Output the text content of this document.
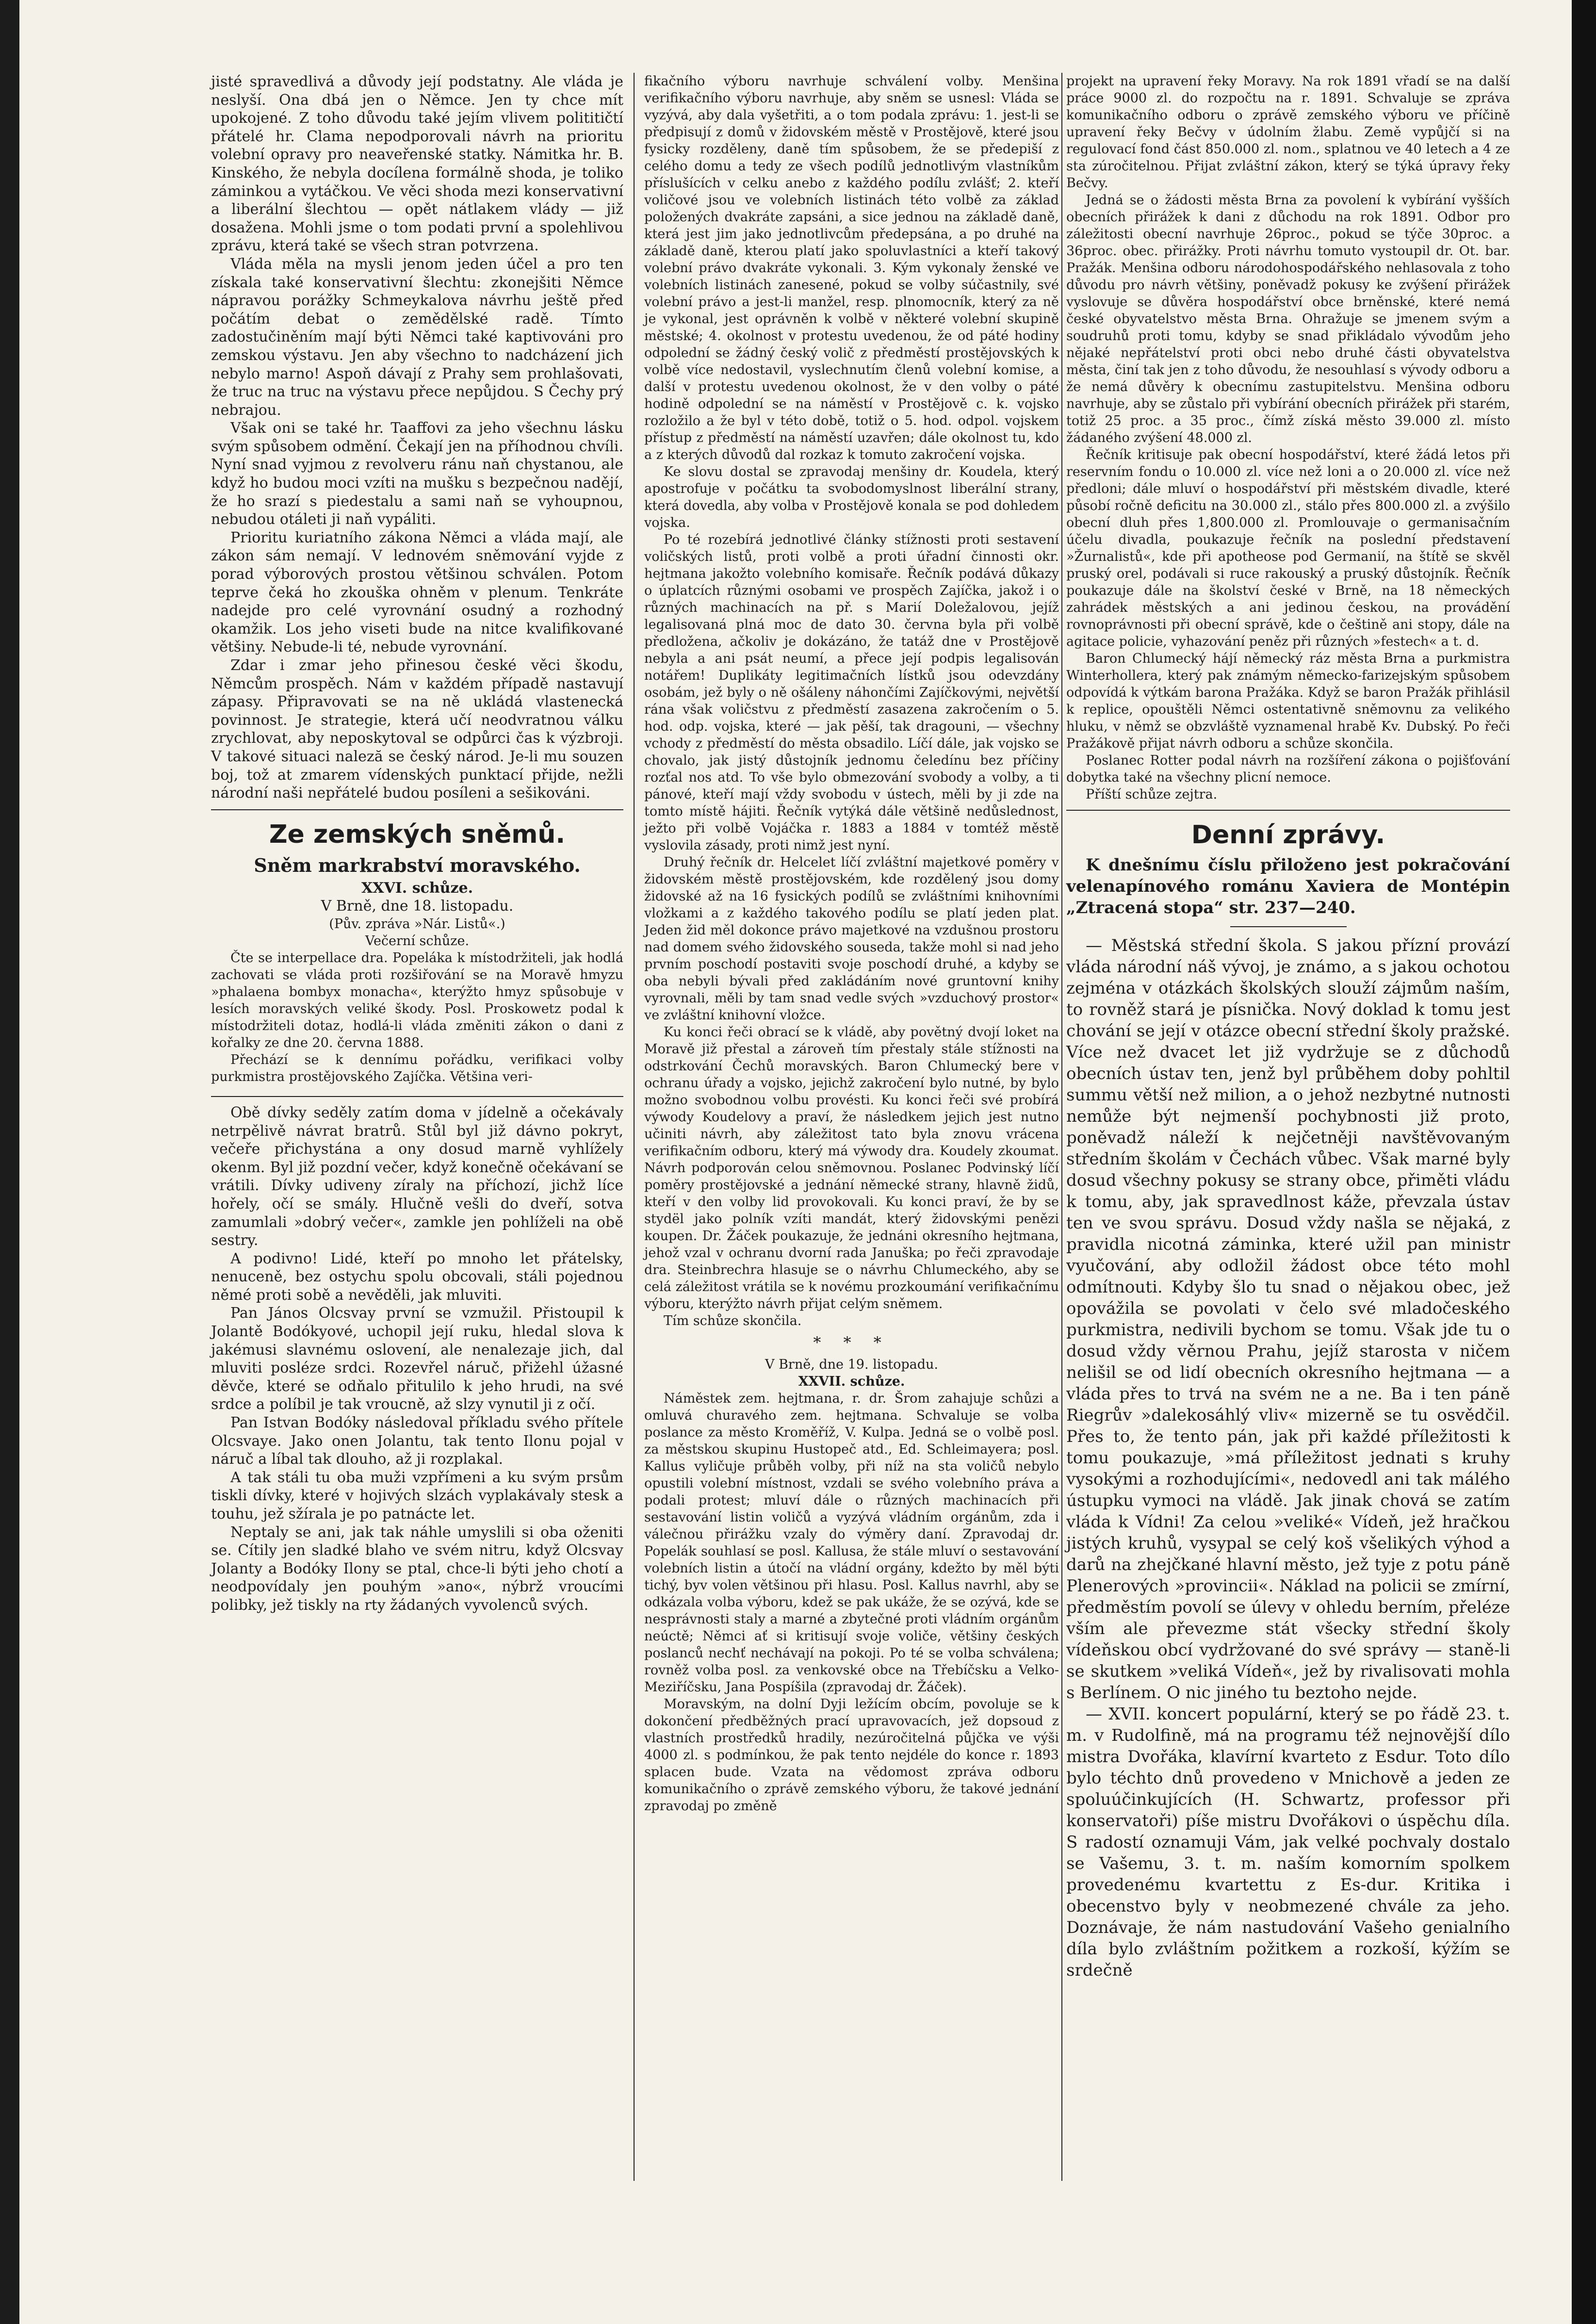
jisté spravedlivá a důvody její podstatny. Ale vláda je neslyší. Ona dbá jen o Němce. Jen ty chce mít upokojené. Z toho důvodu také jejím vlivem polititičtí přátelé hr. Clama nepodporovali návrh na prioritu volební opravy pro neaveřenské statky. Námitka hr. B. Kinského, že nebyla docílena formálně shoda, je toliko záminkou a vytáčkou. Ve věci shoda mezi konservativní a liberální šlechtou — opět nátlakem vlády — již dosažena. Mohli jsme o tom podati první a spolehlivou zprávu, která také se všech stran potvrzena.

Vláda měla na mysli jenom jeden účel a pro ten získala také konservativní šlechtu: zkonejšiti Němce nápravou porážky Schmeykalova návrhu ještě před počátím debat o zemědělské radě. Tímto zadostučiněním mají býti Němci také kaptivováni pro zemskou výstavu. Jen aby všechno to nadcházení jich nebylo marno! Aspoň dávají z Prahy sem prohlašovati, že truc na truc na výstavu přece nepůjdou. S Čechy prý nebrajou.

Však oni se také hr. Taaffovi za jeho všechnu lásku svým spůsobem odmění. Čekají jen na příhodnou chvíli. Nyní snad vyjmou z revolveru ránu naň chystanou, ale když ho budou moci vzíti na mušku s bezpečnou nadějí, že ho srazí s piedestalu a sami naň se vyhoupnou, nebudou otáleti ji naň vypáliti.

Prioritu kuriatního zákona Němci a vláda mají, ale zákon sám nemají. V lednovém sněmování vyjde z porad výborových prostou většinou schválen. Potom teprve čeká ho zkouška ohněm v plenum. Tenkráte nadejde pro celé vyrovnání osudný a rozhodný okamžik. Los jeho viseti bude na nitce kvalifikované většiny. Nebude-li té, nebude vyrovnání.

Zdar i zmar jeho přinesou české věci škodu, Němcům prospěch. Nám v každém případě nastavují zápasy. Připravovati se na ně ukládá vlastenecká povinnost. Je strategie, která učí neodvratnou válku zrychlovat, aby neposkytoval se odpůrci čas k výzbroji. V takové situaci naleză se český národ. Je-li mu souzen boj, tož at zmarem vídenských punktací přijde, nežli národní naši nepřátelé budou posíleni a sešikováni.

Ze zemských sněmů.
Sněm markrabství moravského.

XXVI. schůze.

V Brně, dne 18. listopadu.

(Pův. zpráva »Nár. Listů«.)

Večerní schůze.

Čte se interpellace dra. Popeláka k místodržiteli, jak hodlá zachovati se vláda proti rozšiřování se na Moravě hmyzu »phalaena bombyx monacha«, kterýžto hmyz spůsobuje v lesích moravských veliké škody. Posl. Proskowetz podal k místodržiteli dotaz, hodlá-li vláda změniti zákon o dani z kořalky ze dne 20. června 1888.

Přechází se k dennímu pořádku, verifikaci volby purkmistra prostějovského Zajíčka. Většina veri-

Obě dívky seděly zatím doma v jídelně a očekávaly netrpělivě návrat bratrů. Stůl byl již dávno pokryt, večeře přichystána a ony dosud marně vyhlížely okenm. Byl již pozdní večer, když konečně očekávaní se vrátili. Dívky udiveny zíraly na příchozí, jichž líce hořely, očí se smály. Hlučně vešli do dveří, sotva zamumlali »dobrý večer«, zamkle jen pohlíželi na obě sestry.

A podivno! Lidé, kteří po mnoho let přátelsky, nenuceně, bez ostychu spolu obcovali, stáli pojednou němé proti sobě a nevěděli, jak mluviti.

Pan János Olcsvay první se vzmužil. Přistoupil k Jolantě Bodókyové, uchopil její ruku, hledal slova k jakémusi slavnému oslovení, ale nenalezaje jich, dal mluviti posléze srdci. Rozevřel náruč, přižehl úžasné děvče, které se odňalo přitulilo k jeho hrudi, na své srdce a políbil je tak vroucně, až slzy vynutil ji z očí.

Pan Istvan Bodóky následoval příkladu svého přítele Olcsvaye. Jako onen Jolantu, tak tento Ilonu pojal v náruč a líbal tak dlouho, až ji rozplakal.

A tak stáli tu oba muži vzpřímeni a ku svým prsům tiskli dívky, které v hojivých slzách vyplakávaly stesk a touhu, jež sžírala je po patnácte let.

Neptaly se ani, jak tak náhle umyslili si oba oženiti se. Cítily jen sladké blaho ve svém nitru, když Olcsvay Jolanty a Bodóky Ilony se ptal, chce-li býti jeho chotí a neodpovídaly jen pouhým »ano«, nýbrž vroucími polibky, jež tiskly na rty žádaných vyvolenců svých.

fikačního výboru navrhuje schválení volby. Menšina verifikačního výboru navrhuje, aby sněm se usnesl: Vláda se vyzývá, aby dala vyšetřiti, a o tom podala zprávu: 1. jest-li se předpisují z domů v židovském městě v Prostějově, které jsou fysicky rozděleny, daně tím spůsobem, že se předepiší z celého domu a tedy ze všech podílů jednotlivým vlastníkům příslušících v celku anebo z každého podílu zvlášť; 2. kteří voličové jsou ve volebních listinách této volbě za základ položených dvakráte zapsáni, a sice jednou na základě daně, která jest jim jako jednotlivcům předepsána, a po druhé na základě daně, kterou platí jako spoluvlastníci a kteří takový volební právo dvakráte vykonali. 3. Kým vykonaly ženské ve volebních listinách zanesené, pokud se volby súčastnily, své volební právo a jest-li manžel, resp. plnomocník, který za ně je vykonal, jest oprávněn k volbě v některé volební skupině městské; 4. okolnost v protestu uvedenou, že od páté hodiny odpolední se žádný český volič z předměstí prostějovských k volbě více nedostavil, vyslechnutím členů volební komise, a další v protestu uvedenou okolnost, že v den volby o páté hodině odpolední se na náměstí v Prostějově c. k. vojsko rozložilo a že byl v této době, totiž o 5. hod. odpol. vojskem přístup z předměstí na náměstí uzavřen; dále okolnost tu, kdo a z kterých důvodů dal rozkaz k tomuto zakročení vojska.

Ke slovu dostal se zpravodaj menšiny dr. Koudela, který apostrofuje v počátku ta svobodomyslnost liberální strany, která dovedla, aby volba v Prostějově konala se pod dohledem vojska.

Po té rozebírá jednotlivé články stížnosti proti sestavení voličských listů, proti volbě a proti úřadní činnosti okr. hejtmana jakožto volebního komisaře. Řečník podává důkazy o úplatcích různými osobami ve prospěch Zajíčka, jakož i o různých machinacích na př. s Marií Doležalovou, jejíž legalisovaná plná moc de dato 30. června byla při volbě předložena, ačkoliv je dokázáno, že tatáž dne v Prostějově nebyla a ani psát neumí, a přece její podpis legalisován notářem! Duplikáty legitimačních lístků jsou odevzdány osobám, jež byly o ně ošáleny náhončími Zajíčkovými, největší rána však voličstvu z předměstí zasazena zakročením o 5. hod. odp. vojska, které — jak pěší, tak dragouni, — všechny vchody z předměstí do města obsadilo. Líčí dále, jak vojsko se chovalo, jak jistý důstojník jednomu čeledínu bez příčiny rozťal nos atd. To vše bylo obmezování svobody a volby, a ti pánové, kteří mají vždy svobodu v ústech, měli by ji zde na tomto místě hájiti. Řečník vytýká dále většině nedůslednost, ježto při volbě Vojáčka r. 1883 a 1884 v tomtéž městě vyslovila zásady, proti nimž jest nyní.

Druhý řečník dr. Helcelet líčí zvláštní majetkové poměry v židovském městě prostějovském, kde rozdělený jsou domy židovské až na 16 fysických podílů se zvláštními knihovními vložkami a z každého takového podílu se platí jeden plat. Jeden žid měl dokonce právo majetkové na vzdušnou prostoru nad domem svého židovského souseda, takže mohl si nad jeho prvním poschodí postaviti svoje poschodí druhé, a kdyby se oba nebyli bývali před zakládáním nové gruntovní knihy vyrovnali, měli by tam snad vedle svých »vzduchový prostor« ve zvláštní knihovní vložce.

Ku konci řeči obrací se k vládě, aby povětný dvojí loket na Moravě již přestal a zároveň tím přestaly stále stížnosti na odstrkování Čechů moravských. Baron Chlumecký bere v ochranu úřady a vojsko, jejichž zakročení bylo nutné, by bylo možno svobodnou volbu provésti. Ku konci řeči své probírá výwody Koudelovy a praví, že následkem jejich jest nutno učiniti návrh, aby záležitost tato byla znovu vrácena verifikačním odboru, který má výwody dra. Koudely zkoumat. Návrh podporován celou sněmovnou. Poslanec Podvinský líčí poměry prostějovské a jednání německé strany, hlavně židů, kteří v den volby lid provokovali. Ku konci praví, že by se stydël jako polník vzíti mandát, který židovskými penězi koupen. Dr. Žáček poukazuje, že jednáni okresního hejtmana, jehož vzal v ochranu dvorní rada Januška; po řeči zpravodaje dra. Steinbrechra hlasuje se o návrhu Chlumeckého, aby se celá záležitost vrátila se k novému prozkoumání verifikačnímu výboru, kterýžto návrh přijat celým sněmem.

Tím schůze skončila.

* * *

V Brně, dne 19. listopadu.

XXVII. schůze.

Náměstek zem. hejtmana, r. dr. Šrom zahajuje schůzi a omluvá churavého zem. hejtmana. Schvaluje se volba poslance za město Kroměříž, V. Kulpa. Jedná se o volbě posl. za městskou skupinu Hustopeč atd., Ed. Schleimayera; posl. Kallus vyličuje průběh volby, při níž na sta voličů nebylo opustili volební místnost, vzdali se svého volebního práva a podali protest; mluví dále o různých machinacích při sestavování listin voličů a vyzývá vládním orgánům, zda i válečnou přirážku vzaly do výměry daní. Zpravodaj dr. Popelák souhlasí se posl. Kallusa, že stále mluví o sestavování volebních listin a útočí na vládní orgány, kdežto by měl býti tichý, byv volen většinou při hlasu. Posl. Kallus navrhl, aby se odkázala volba výboru, kdež se pak ukáže, že se ozývá, kde se nesprávnosti staly a marné a zbytečné proti vládním orgánům neúctě; Němci ať si kritisují svoje voliče, většiny českých poslanců nechť nechávají na pokoji. Po té se volba schválena; rovněž volba posl. za venkovské obce na Třebíčsku a Velko-Meziříčsku, Jana Pospíšila (zpravodaj dr. Žáček).

Moravským, na dolní Dyji ležícím obcím, povoluje se k dokončení předběžných prací upravovacích, jež dopsoud z vlastních prostředků hradily, nezúročitelná půjčka ve výši 4000 zl. s podmínkou, že pak tento nejdéle do konce r. 1893 splacen bude. Vzata na vědomost zpráva odboru komunikačního o zprávě zemského výboru, že takové jednání zpravodaj po změně

projekt na upravení řeky Moravy. Na rok 1891 vřadí se na další práce 9000 zl. do rozpočtu na r. 1891. Schvaluje se zpráva komunikačního odboru o zprávě zemského výboru ve příčině upravení řeky Bečvy v údolním žlabu. Země vypůjčí si na regulovací fond část 850.000 zl. nom., splatnou ve 40 letech a 4 ze sta zúročitelnou. Přijat zvláštní zákon, který se týká úpravy řeky Bečvy.

Jedná se o žádosti města Brna za povolení k vybírání vyšších obecních přirážek k dani z důchodu na rok 1891. Odbor pro záležitosti obecní navrhuje 26proc., pokud se týče 30proc. a 36proc. obec. přirážky. Proti návrhu tomuto vystoupil dr. Ot. bar. Pražák. Menšina odboru národohospodářského nehlasovala z toho důvodu pro návrh většiny, poněvadž pokusy ke zvýšení přirážek vyslovuje se důvěra hospodářství obce brněnské, které nemá české obyvatelstvo města Brna. Ohražuje se jmenem svým a soudruhů proti tomu, kdyby se snad přikládalo vývodům jeho nějaké nepřátelství proti obci nebo druhé části obyvatelstva města, činí tak jen z toho důvodu, že nesouhlasí s vývody odboru a že nemá důvěry k obecnímu zastupitelstvu. Menšina odboru navrhuje, aby se zůstalo při vybírání obecních přirážek při starém, totiž 25 proc. a 35 proc., čímž získá město 39.000 zl. místo žádaného zvýšení 48.000 zl.

Řečník kritisuje pak obecní hospodářství, které žádá letos při reservním fondu o 10.000 zl. více než loni a o 20.000 zl. více než předloni; dále mluví o hospodářství při městském divadle, které působí ročně deficitu na 30.000 zl., stálo přes 800.000 zl. a zvýšilo obecní dluh přes 1,800.000 zl. Promlouvaje o germanisačním účelu divadla, poukazuje řečník na poslední představení »Žurnalistů«, kde při apotheose pod Germanií, na štítě se skvěl pruský orel, podávali si ruce rakouský a pruský důstojník. Řečník poukazuje dále na školství české v Brně, na 18 německých zahrádek městských a ani jedinou českou, na provádění rovnoprávnosti při obecní správě, kde o češtině ani stopy, dále na agitace policie, vyhazování peněz při různých »festech« a t. d.

Baron Chlumecký hájí německý ráz města Brna a purkmistra Winterhollera, který pak známým německo-farizejským spůsobem odpovídá k výtkám barona Pražáka. Když se baron Pražák přihlásil k replice, opouštěli Němci ostentativně sněmovnu za velikého hluku, v němž se obzvláště vyznamenal hrabě Kv. Dubský. Po řeči Pražákově přijat návrh odboru a schůze skončila.

Poslanec Rotter podal návrh na rozšíření zákona o pojišťování dobytka také na všechny plicní nemoce.

Příští schůze zejtra.

Denní zprávy.

K dnešnímu číslu přiloženo jest pokračování velenapínového románu Xaviera de Montépin „Ztracená stopa“ str. 237—240.

— Městská střední škola. S jakou přízní provází vláda národní náš vývoj, je známo, a s jakou ochotou zejména v otázkách školských slouží zájmům naším, to rovněž stará je písnička. Nový doklad k tomu jest chování se její v otázce obecní střední školy pražské. Více než dvacet let již vydržuje se z důchodů obecních ústav ten, jenž byl průběhem doby pohltil summu větší než milion, a o jehož nezbytné nutnosti nemůže být nejmenší pochybnosti již proto, poněvadž náleží k nejčetněji navštěvovaným středním školám v Čechách vůbec. Však marné byly dosud všechny pokusy se strany obce, přiměti vládu k tomu, aby, jak spravedlnost káže, převzala ústav ten ve svou správu. Dosud vždy našla se nějaká, z pravidla nicotná záminka, které užil pan ministr vyučování, aby odložil žádost obce této mohl odmítnouti. Kdyby šlo tu snad o nějakou obec, jež opovážila se povolati v čelo své mladočeského purkmistra, nedivili bychom se tomu. Však jde tu o dosud vždy věrnou Prahu, jejíž starosta v ničem nelišil se od lidí obecních okresního hejtmana — a vláda přes to trvá na svém ne a ne. Ba i ten páně Riegrův »dalekosáhlý vliv« mizerně se tu osvědčil. Přes to, že tento pán, jak při každé příležitosti k tomu poukazuje, »má příležitost jednati s kruhy vysokými a rozhodujícími«, nedovedl ani tak málého ústupku vymoci na vládě. Jak jinak chová se zatím vláda k Vídni! Za celou »veliké« Vídeň, jež hračkou jistých kruhů, vysypal se celý koš všelikých výhod a darů na zhejčkané hlavní město, jež tyje z potu páně Plenerových »provincii«. Náklad na policii se zmírní, předměstím povolí se úlevy v ohledu berním, přeléze vším ale převezme stát všecky střední školy vídeňskou obcí vydržované do své správy — staně-li se skutkem »veliká Vídeň«, jež by rivalisovati mohla s Berlínem. O nic jiného tu beztoho nejde.

— XVII. koncert populární, který se po řádě 23. t. m. v Rudolfině, má na programu též nejnovější dílo mistra Dvořáka, klavírní kvarteto z Esdur. Toto dílo bylo téchto dnů provedeno v Mnichově a jeden ze spoluúčinkujících (H. Schwartz, professor při konservatoři) píše mistru Dvořákovi o úspěchu díla. S radostí oznamuji Vám, jak velké pochvaly dostalo se Vašemu, 3. t. m. naším komorním spolkem provedenému kvartettu z Es-dur. Kritika i obecenstvo byly v neobmezené chvále za jeho. Doznávaje, že nám nastudování Vašeho genialního díla bylo zvláštním požitkem a rozkoší, kýžím se srdečně
